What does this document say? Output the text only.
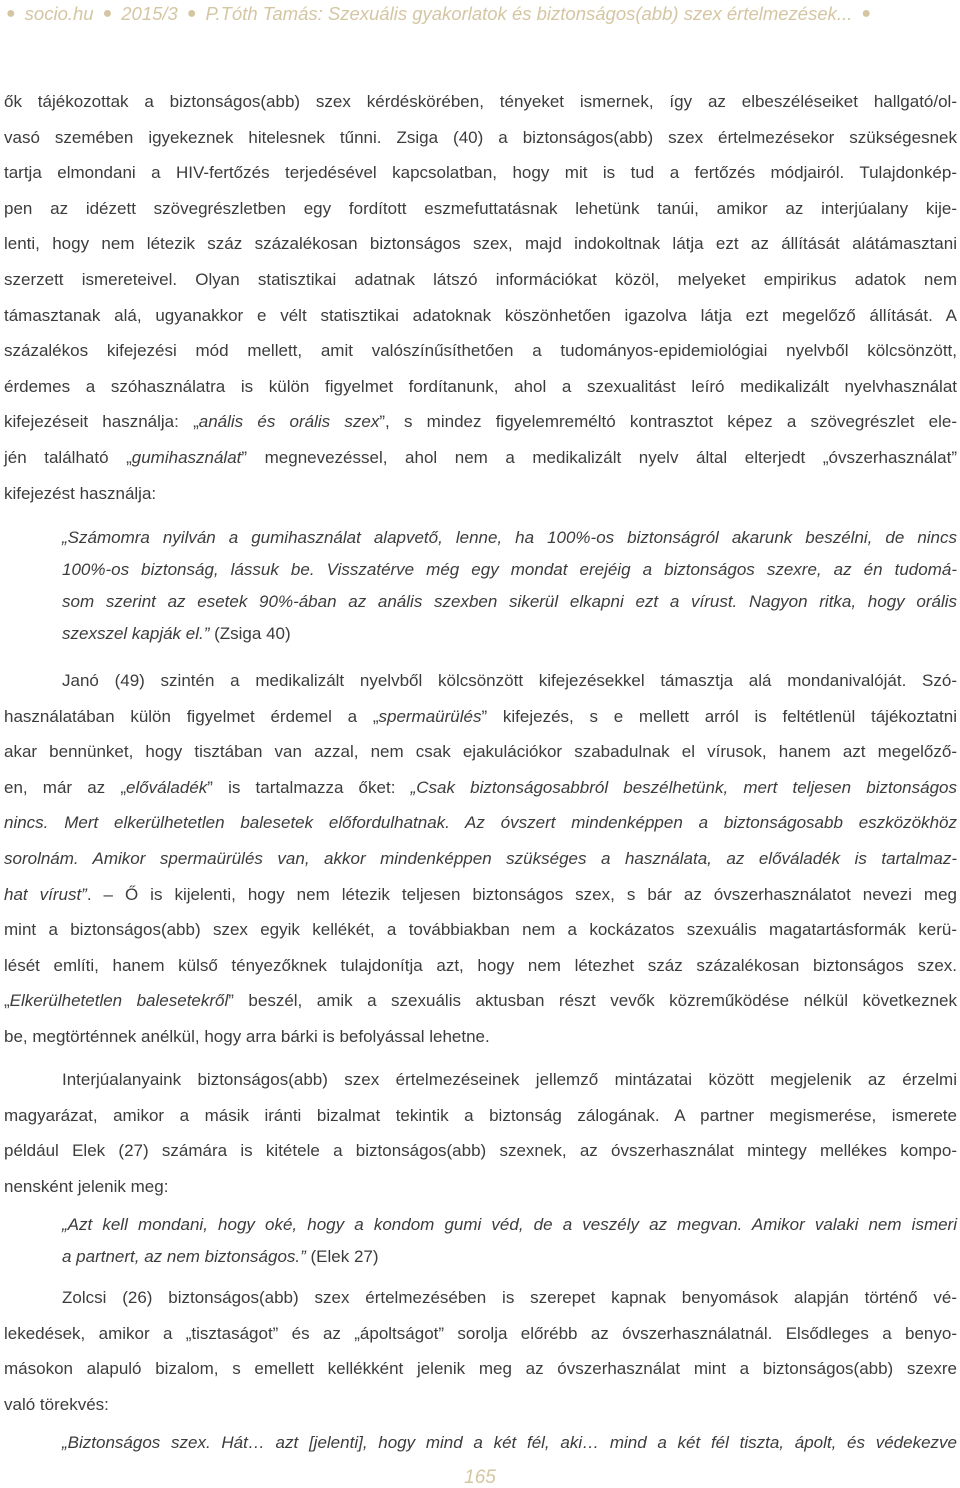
● socio.hu ● 2015/3 ● P.Tóth Tamás: Szexuális gyakorlatok és biztonságos(abb) szex értelmezések... ●
ők tájékozottak a biztonságos(abb) szex kérdéskörében, tényeket ismernek, így az elbeszéléseiket hallgató/ol-
vasó szemében igyekeznek hitelesnek tűnni. Zsiga (40) a biztonságos(abb) szex értelmezésekor szükségesnek
tartja elmondani a HIV-fertőzés terjedésével kapcsolatban, hogy mit is tud a fertőzés módjairól. Tulajdonkép-
pen az idézett szövegrészletben egy fordított eszmefuttatásnak lehetünk tanúi, amikor az interjúalany kije-
lenti, hogy nem létezik száz százalékosan biztonságos szex, majd indokoltnak látja ezt az állítását alátámasztani
szerzett ismereteivel. Olyan statisztikai adatnak látszó információkat közöl, melyeket empirikus adatok nem
támasztanak alá, ugyanakkor e vélt statisztikai adatoknak köszönhetően igazolva látja ezt megelőző állítását. A
százalékos kifejezési mód mellett, amit valószínűsíthetően a tudományos-epidemiológiai nyelvből kölcsönzött,
érdemes a szóhasználatra is külön figyelmet fordítanunk, ahol a szexualitást leíró medikalizált nyelvhasználat
kifejezéseit használja: „anális és orális szex”, s mindez figyelemreméltó kontrasztot képez a szövegrészlet ele-
jén található „gumihasználat” megnevezéssel, ahol nem a medikalizált nyelv által elterjedt „óvszerhasználat”
kifejezést használja:
„Számomra nyilván a gumihasználat alapvető, lenne, ha 100%-os biztonságról akarunk beszélni, de nincs
100%-os biztonság, lássuk be. Visszatérve még egy mondat erejéig a biztonságos szexre, az én tudomá-
som szerint az esetek 90%-ában az anális szexben sikerül elkapni ezt a vírust. Nagyon ritka, hogy orális
szexszel kapják el.” (Zsiga 40)
Janó (49) szintén a medikalizált nyelvből kölcsönzött kifejezésekkel támasztja alá mondanivalóját. Szó-
használatában külön figyelmet érdemel a „spermaürülés” kifejezés, s e mellett arról is feltétlenül tájékoztatni
akar bennünket, hogy tisztában van azzal, nem csak ejakulációkor szabadulnak el vírusok, hanem azt megelőző-
en, már az „előváladék” is tartalmazza őket: „Csak biztonságosabbról beszélhetünk, mert teljesen biztonságos
nincs. Mert elkerülhetetlen balesetek előfordulhatnak. Az óvszert mindenképpen a biztonságosabb eszközökhöz
sorolnám. Amikor spermaürülés van, akkor mindenképpen szükséges a használata, az előváladék is tartalmaz-
hat vírust”. – Ő is kijelenti, hogy nem létezik teljesen biztonságos szex, s bár az óvszerhasználatot nevezi meg
mint a biztonságos(abb) szex egyik kellékét, a továbbiakban nem a kockázatos szexuális magatartásformák kerü-
lését említi, hanem külső tényezőknek tulajdonítja azt, hogy nem létezhet száz százalékosan biztonságos szex.
„Elkerülhetetlen balesetekről” beszél, amik a szexuális aktusban részt vevők közreműködése nélkül következnek
be, megtörténnek anélkül, hogy arra bárki is befolyással lehetne.
Interjúalanyaink biztonságos(abb) szex értelmezéseinek jellemző mintázatai között megjelenik az érzelmi
magyarázat, amikor a másik iránti bizalmat tekintik a biztonság zálogának. A partner megismerése, ismerete
például Elek (27) számára is kitétele a biztonságos(abb) szexnek, az óvszerhasználat mintegy mellékes kompo-
nensként jelenik meg:
„Azt kell mondani, hogy oké, hogy a kondom gumi véd, de a veszély az megvan. Amikor valaki nem ismeri
a partnert, az nem biztonságos.” (Elek 27)
Zolcsi (26) biztonságos(abb) szex értelmezésében is szerepet kapnak benyomások alapján történő vé-
lekedések, amikor a „tisztaságot” és az „ápoltságot” sorolja előrébb az óvszerhasználatnál. Elsődleges a benyo-
másokon alapuló bizalom, s emellett kellékként jelenik meg az óvszerhasználat mint a biztonságos(abb) szexre
való törekvés:
„Biztonságos szex. Hát… azt [jelenti], hogy mind a két fél, aki… mind a két fél tiszta, ápolt, és védekezve
165
